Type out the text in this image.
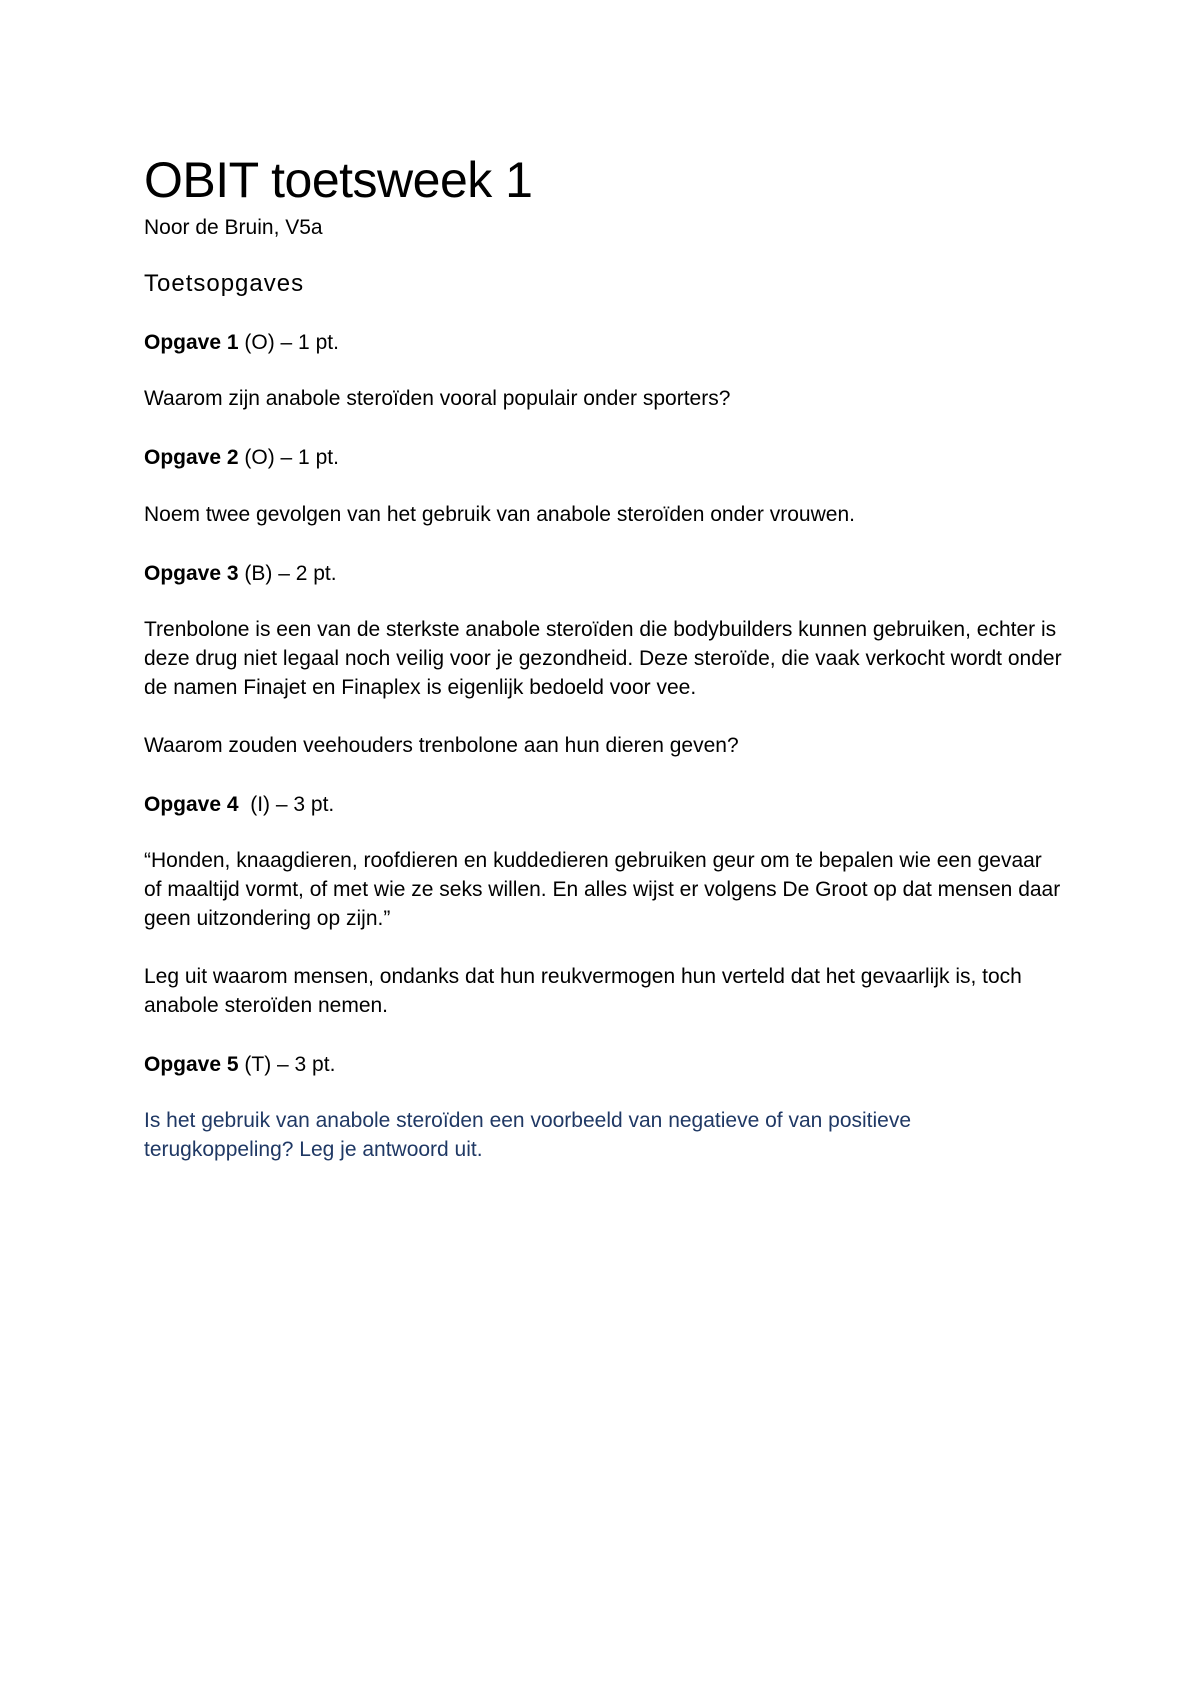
OBIT toetsweek 1

Noor de Bruin, V5a

Toetsopgaves

Opgave 1 (O) – 1 pt.

Waarom zijn anabole steroïden vooral populair onder sporters?

Opgave 2 (O) – 1 pt.

Noem twee gevolgen van het gebruik van anabole steroïden onder vrouwen.

Opgave 3 (B) – 2 pt.

Trenbolone is een van de sterkste anabole steroïden die bodybuilders kunnen gebruiken, echter is deze drug niet legaal noch veilig voor je gezondheid. Deze steroïde, die vaak verkocht wordt onder de namen Finajet en Finaplex is eigenlijk bedoeld voor vee.

Waarom zouden veehouders trenbolone aan hun dieren geven?

Opgave 4  (I) – 3 pt.

“Honden, knaagdieren, roofdieren en kuddedieren gebruiken geur om te bepalen wie een gevaar of maaltijd vormt, of met wie ze seks willen. En alles wijst er volgens De Groot op dat mensen daar geen uitzondering op zijn.”

Leg uit waarom mensen, ondanks dat hun reukvermogen hun verteld dat het gevaarlijk is, toch anabole steroïden nemen.

Opgave 5 (T) – 3 pt.

Is het gebruik van anabole steroïden een voorbeeld van negatieve of van positieve terugkoppeling? Leg je antwoord uit.
